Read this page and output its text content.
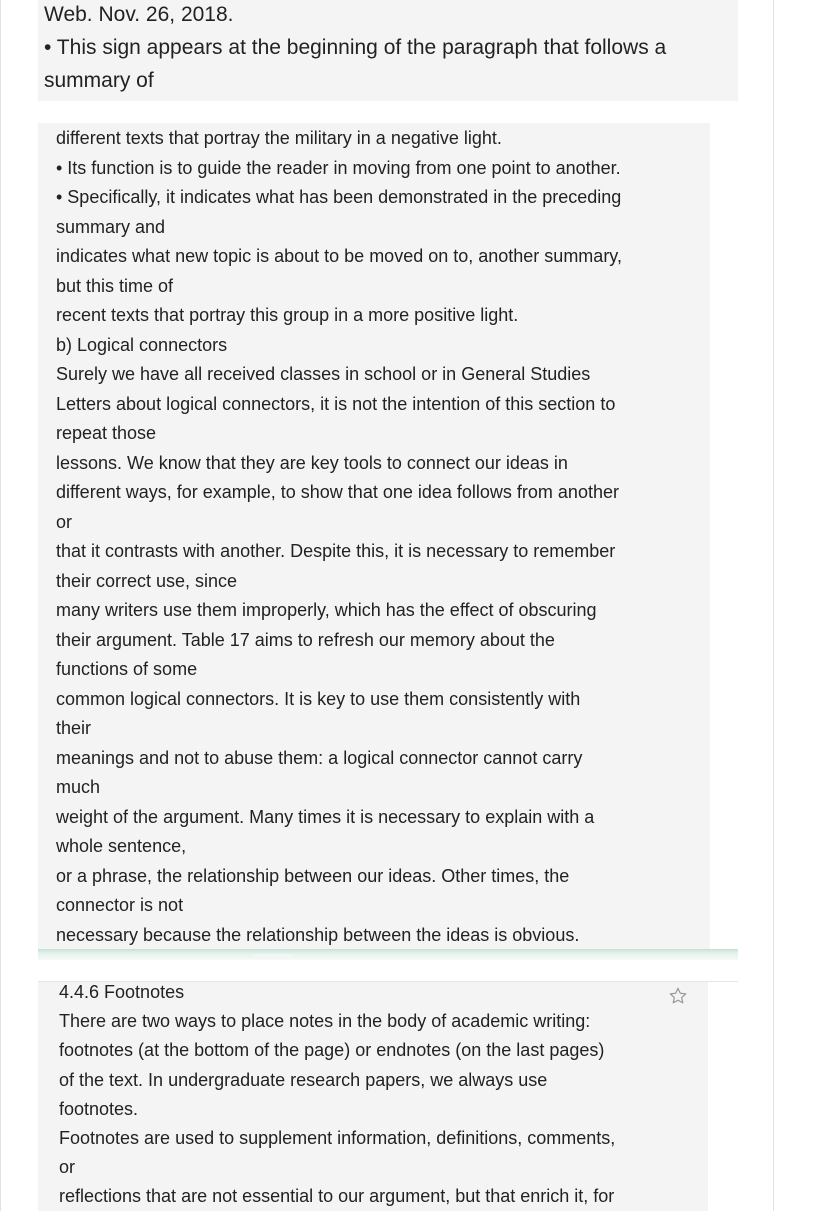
Web. Nov. 26, 2018.
• This sign appears at the beginning of the paragraph that follows a
summary of
different texts that portray the military in a negative light.
• Its function is to guide the reader in moving from one point to another.
• Specifically, it indicates what has been demonstrated in the preceding
summary and
indicates what new topic is about to be moved on to, another summary,
but this time of
recent texts that portray this group in a more positive light.
b) Logical connectors
Surely we have all received classes in school or in General Studies
Letters about logical connectors, it is not the intention of this section to
repeat those
lessons. We know that they are key tools to connect our ideas in
different ways, for example, to show that one idea follows from another
or
that it contrasts with another. Despite this, it is necessary to remember
their correct use, since
many writers use them improperly, which has the effect of obscuring
their argument. Table 17 aims to refresh our memory about the
functions of some
common logical connectors. It is key to use them consistently with
their
meanings and not to abuse them: a logical connector cannot carry
much
weight of the argument. Many times it is necessary to explain with a
whole sentence,
or a phrase, the relationship between our ideas. Other times, the
connector is not
necessary because the relationship between the ideas is obvious.
4.4.6 Footnotes
There are two ways to place notes in the body of academic writing:
footnotes (at the bottom of the page) or endnotes (on the last pages)
of the text. In undergraduate research papers, we always use
footnotes.
Footnotes are used to supplement information, definitions, comments,
or
reflections that are not essential to our argument, but that enrich it, for
